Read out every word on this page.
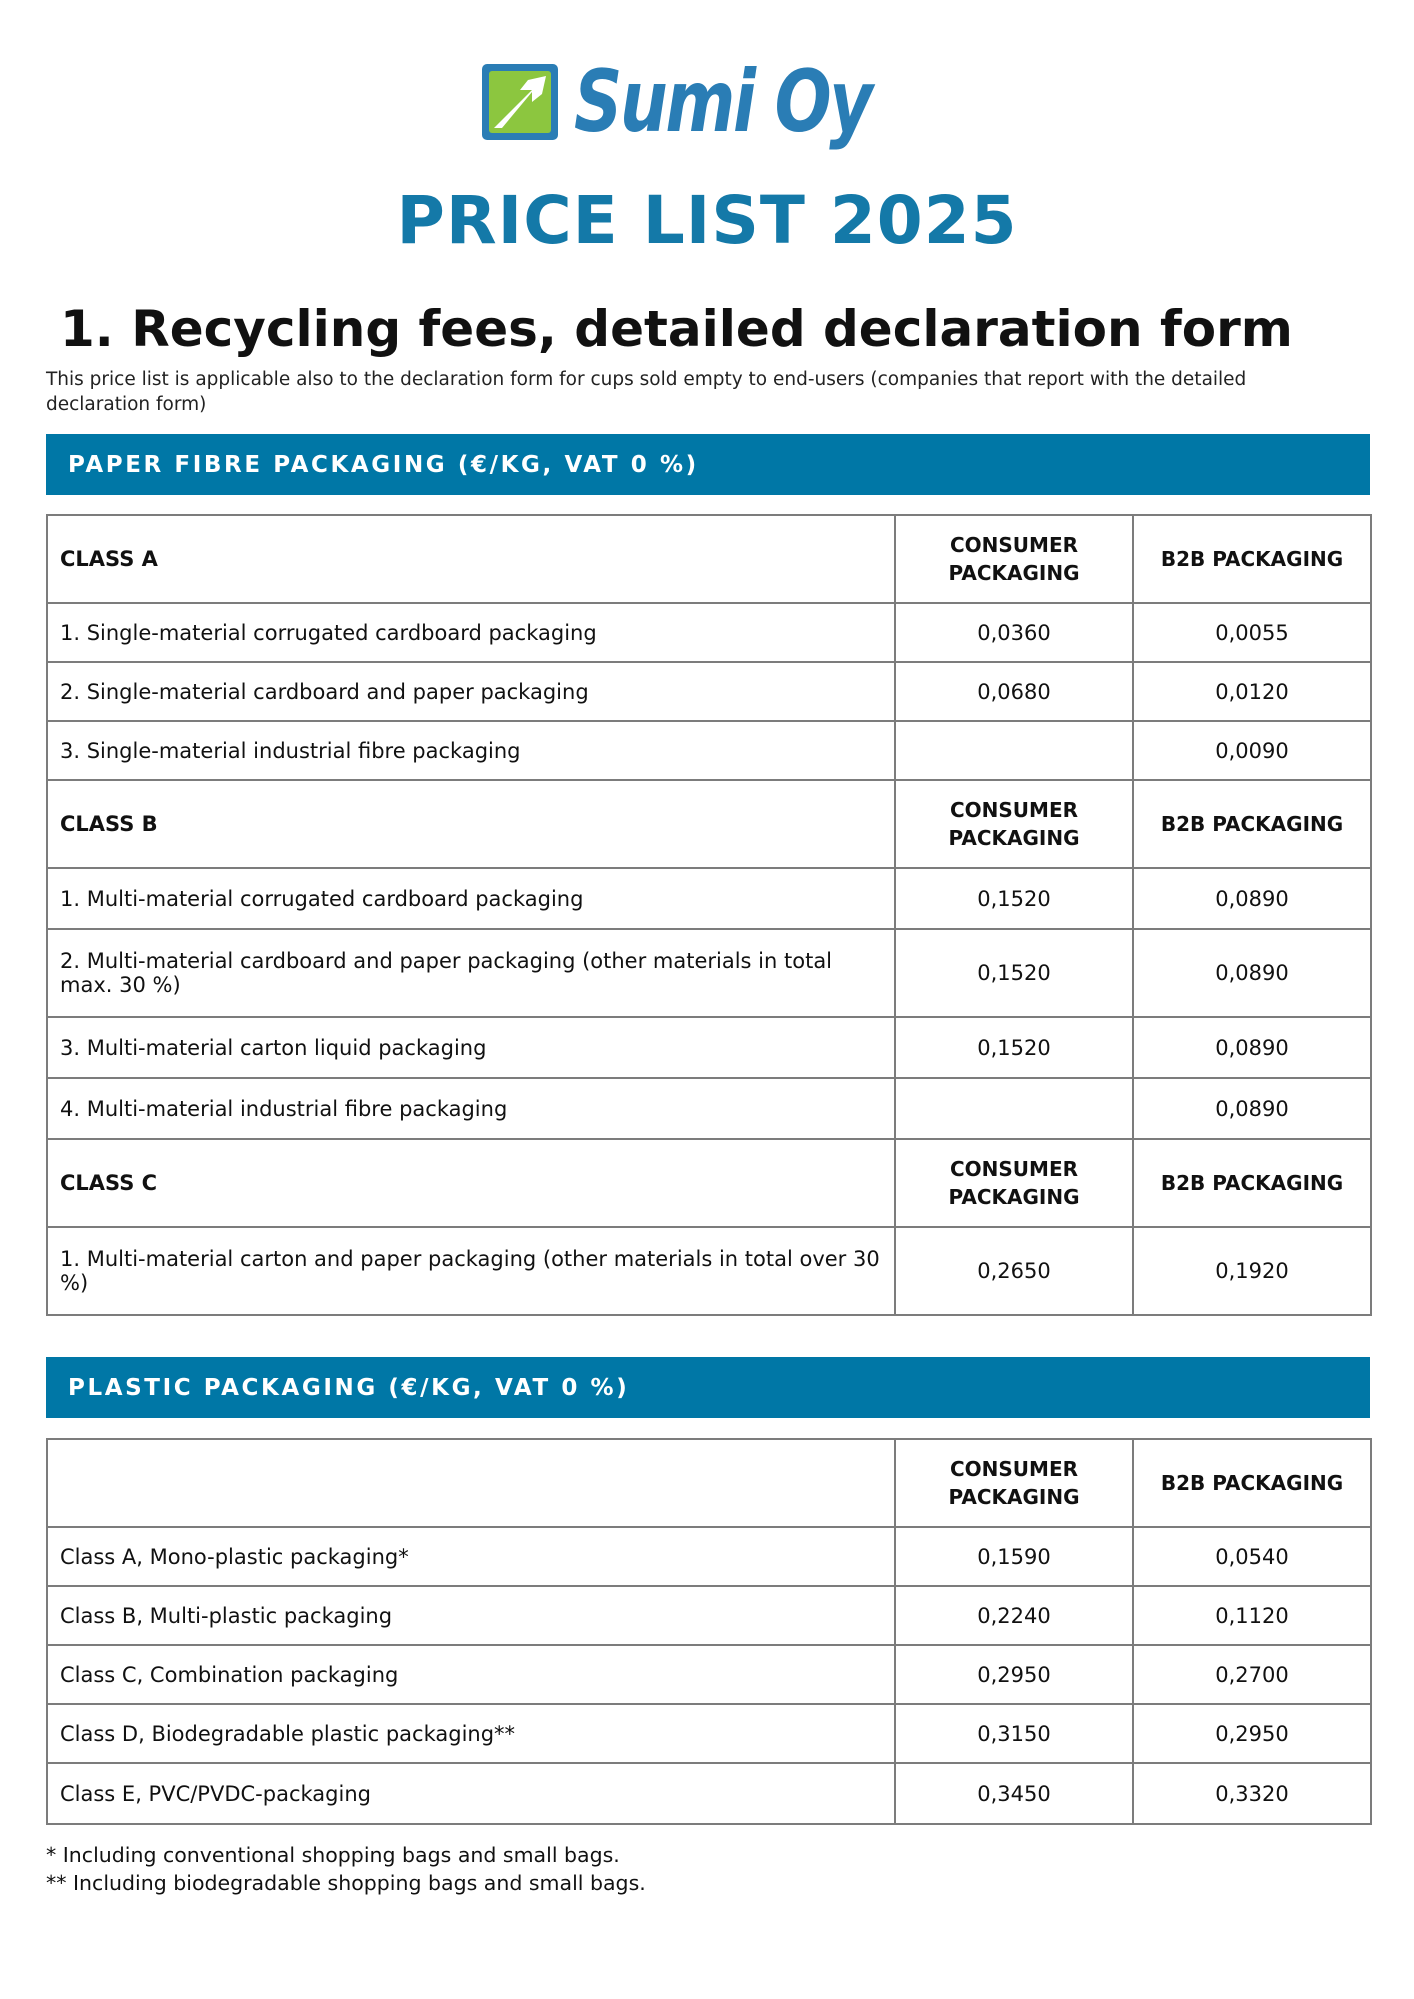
Sumi Oy
PRICE LIST 2025
1. Recycling fees, detailed declaration form

This price list is applicable also to the declaration form for cups sold empty to end-users (companies that report with the detailed declaration form)

PAPER FIBRE PACKAGING (€/KG, VAT 0 %)
CLASS A	CONSUMER PACKAGING	B2B PACKAGING
1. Single-material corrugated cardboard packaging	0,0360	0,0055
2. Single-material cardboard and paper packaging	0,0680	0,0120
3. Single-material industrial fibre packaging		0,0090
CLASS B	CONSUMER PACKAGING	B2B PACKAGING
1. Multi-material corrugated cardboard packaging	0,1520	0,0890
2. Multi-material cardboard and paper packaging (other materials in total max. 30 %)	0,1520	0,0890
3. Multi-material carton liquid packaging	0,1520	0,0890
4. Multi-material industrial fibre packaging		0,0890
CLASS C	CONSUMER PACKAGING	B2B PACKAGING
1. Multi-material carton and paper packaging (other materials in total over 30 %)	0,2650	0,1920
PLASTIC PACKAGING (€/KG, VAT 0 %)
	CONSUMER PACKAGING	B2B PACKAGING
Class A, Mono-plastic packaging*	0,1590	0,0540
Class B, Multi-plastic packaging	0,2240	0,1120
Class C, Combination packaging	0,2950	0,2700
Class D, Biodegradable plastic packaging**	0,3150	0,2950
Class E, PVC/PVDC-packaging	0,3450	0,3320

* Including conventional shopping bags and small bags.

** Including biodegradable shopping bags and small bags.
